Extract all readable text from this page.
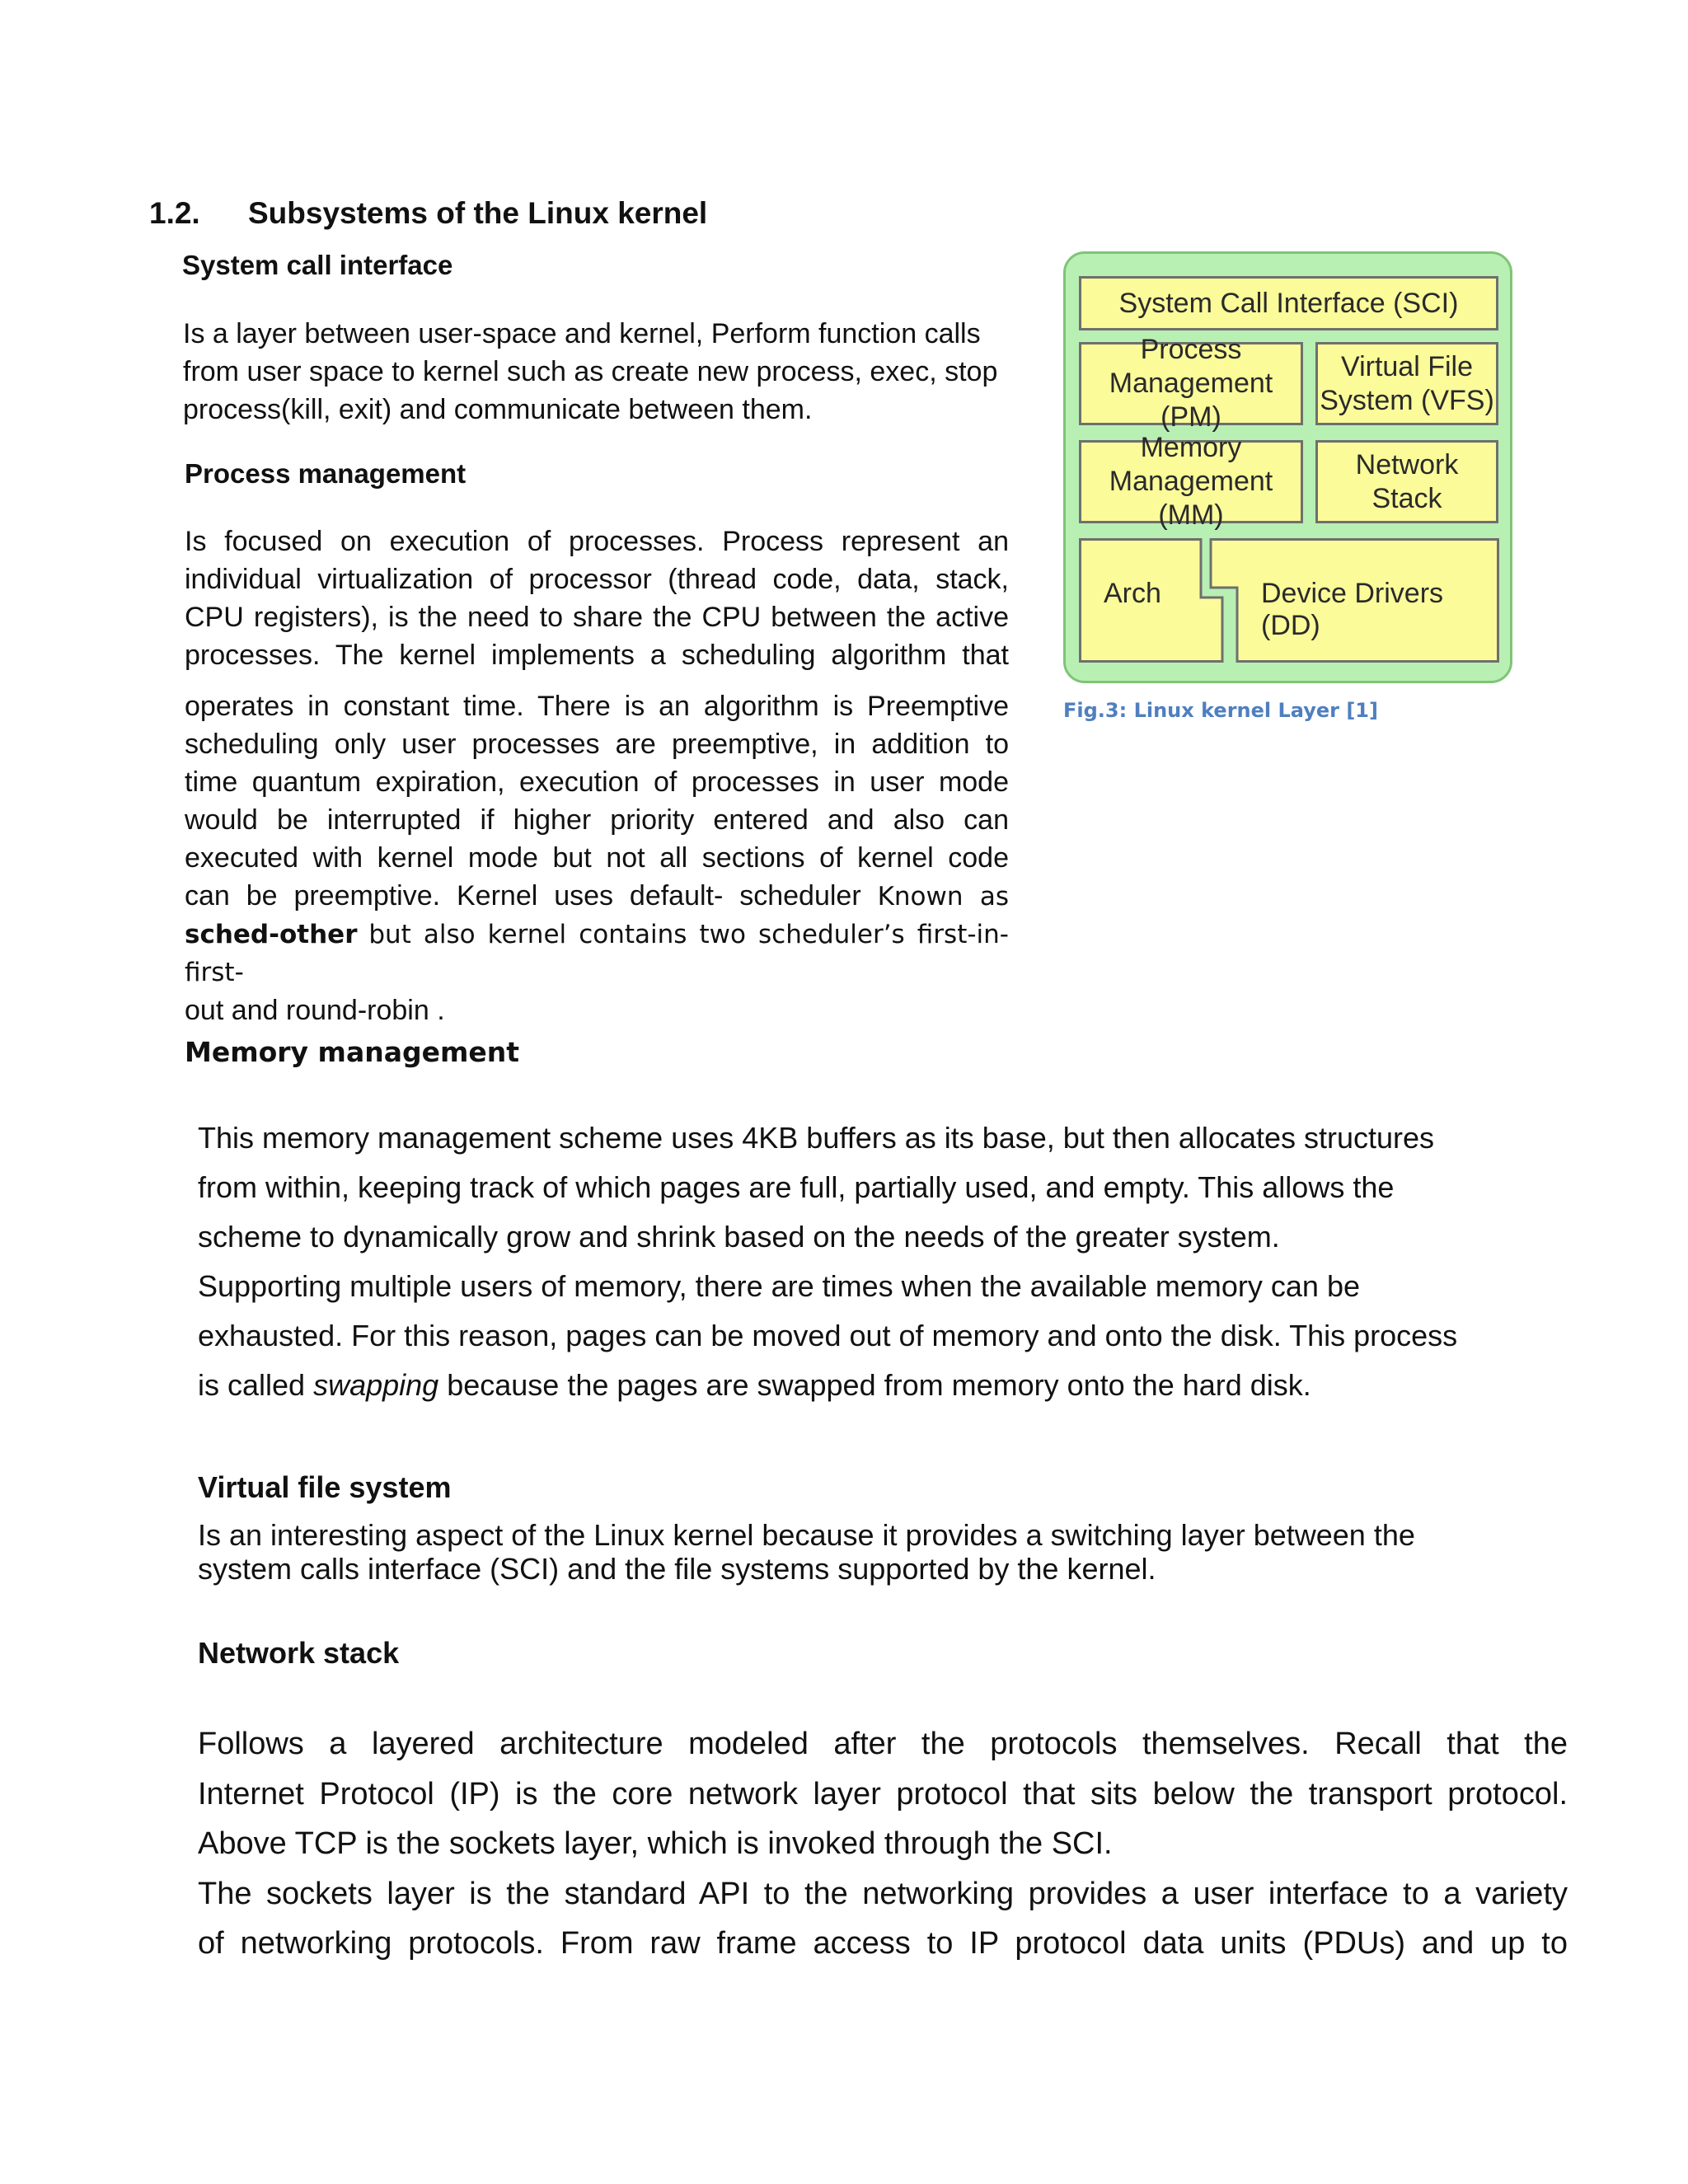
1.2. Subsystems of the Linux kernel
System call interface
Is a layer between user-space and kernel, Perform function calls
from user space to kernel such as create new process, exec, stop
process(kill, exit) and communicate between them.
Process management
Is focused on execution of processes. Process represent an
individual virtualization of processor (thread code, data, stack,
CPU registers), is the need to share the CPU between the active
processes. The kernel implements a scheduling algorithm that
operates in constant time. There is an algorithm is Preemptive
scheduling only user processes are preemptive, in addition to
time quantum expiration, execution of processes in user mode
would be interrupted if higher priority entered and also can
executed with kernel mode but not all sections of kernel code
can be preemptive. Kernel uses default- scheduler Known as
sched-other but also kernel contains two scheduler’s first-in-first-
out and round-robin .
System Call Interface (SCI)
Process
Management (PM)
Virtual File
System (VFS)
Memory
Management (MM)
Network Stack
Arch	Device Drivers (DD)
Fig.3: Linux kernel Layer [1]
Memory management
This memory management scheme uses 4KB buffers as its base, but then allocates structures
from within, keeping track of which pages are full, partially used, and empty. This allows the
scheme to dynamically grow and shrink based on the needs of the greater system.
Supporting multiple users of memory, there are times when the available memory can be
exhausted. For this reason, pages can be moved out of memory and onto the disk. This process
is called swapping because the pages are swapped from memory onto the hard disk.
Virtual file system
Is an interesting aspect of the Linux kernel because it provides a switching layer between the
system calls interface (SCI) and the file systems supported by the kernel.
Network stack
Follows a layered architecture modeled after the protocols themselves. Recall that the
Internet Protocol (IP) is the core network layer protocol that sits below the transport protocol.
Above TCP is the sockets layer, which is invoked through the SCI.
The sockets layer is the standard API to the networking provides a user interface to a variety
of networking protocols. From raw frame access to IP protocol data units (PDUs) and up to
